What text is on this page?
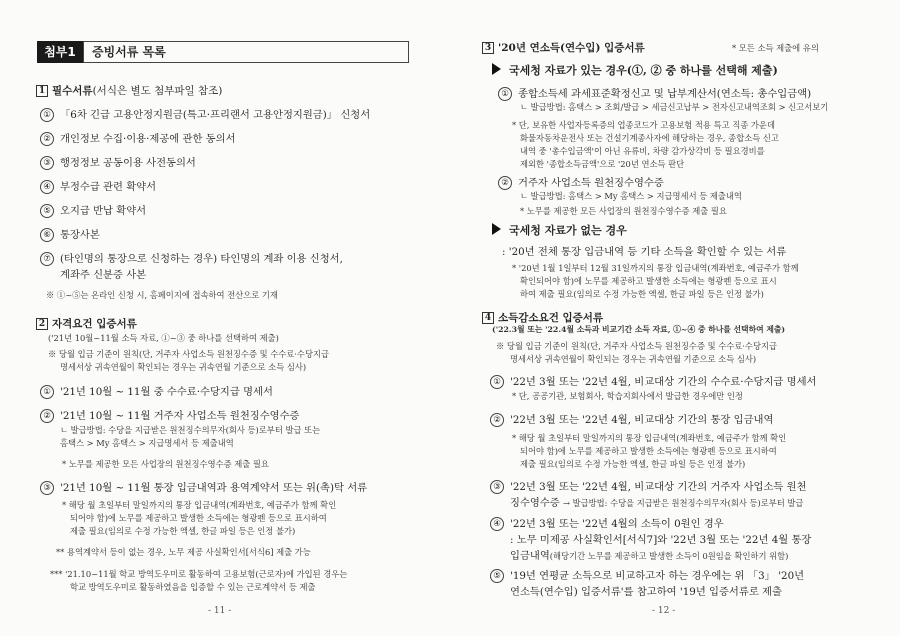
첨부1	증빙서류 목록
1 필수서류(서식은 별도 첨부파일 참조)
① 「6차 긴급 고용안정지원금(특고·프리랜서 고용안정지원금)」 신청서
② 개인정보 수집·이용·제공에 관한 동의서
③ 행정정보 공동이용 사전동의서
④ 부정수급 관련 확약서
⑤ 오지급 반납 확약서
⑥ 통장사본
⑦ (타인명의 통장으로 신청하는 경우) 타인명의 계좌 이용 신청서,
계좌주 신분증 사본
※ ①~⑤는 온라인 신청 시, 홈페이지에 접속하여 전산으로 기재
2 자격요건 입증서류
('21년 10월~11월 소득 자료, ①~③ 중 하나를 선택하여 제출)
※ 당월 입금 기준이 원칙(단, 거주자 사업소득 원천징수증 및 수수료·수당지급
명세서상 귀속연월이 확인되는 경우는 귀속연월 기준으로 소득 심사)
① '21년 10월 ~ 11월 중 수수료·수당지급 명세서
② '21년 10월 ~ 11월 거주자 사업소득 원천징수영수증
ㄴ 발급방법: 수당을 지급받은 원천징수의무자(회사 등)로부터 발급 또는
홈택스 > My 홈택스 > 지급명세서 등 제출내역
* 노무를 제공한 모든 사업장의 원천징수영수증 제출 필요
③ '21년 10월 ~ 11월 통장 입금내역과 용역계약서 또는 위(촉)탁 서류
* 해당 월 초일부터 말일까지의 통장 입금내역(계좌번호, 예금주가 함께 확인
되어야 함)에 노무를 제공하고 발생한 소득에는 형광펜 등으로 표시하여
제출 필요(임의로 수정 가능한 엑셀, 한글 파일 등은 인정 불가)
** 용역계약서 등이 없는 경우, 노무 제공 사실확인서[서식6] 제출 가능
*** '21.10~11월 학교 방역도우미로 활동하여 고용보험(근로자)에 가입된 경우는
학교 방역도우미로 활동하였음을 입증할 수 있는 근로계약서 등 제출
- 11 -
3 '20년 연소득(연수입) 입증서류	* 모든 소득 제출에 유의
국세청 자료가 있는 경우(①, ② 중 하나를 선택해 제출)
① 종합소득세 과세표준확정신고 및 납부계산서(연소득: 총수입금액)
ㄴ 발급방법: 홈택스 > 조회/발급 > 세금신고납부 > 전자신고내역조회 > 신고서보기
* 단, 보유한 사업자등록증의 업종코드가 고용보험 적용 특고 직종 가운데
화물자동차운전사 또는 건설기계종사자에 해당하는 경우, 종합소득 신고
내역 중 '총수입금액'이 아닌 유류비, 차량 감가상각비 등 필요경비를
제외한 '종합소득금액'으로 '20년 연소득 판단
② 거주자 사업소득 원천징수영수증
ㄴ 발급방법: 홈택스 > My 홈택스 > 지급명세서 등 제출내역
* 노무를 제공한 모든 사업장의 원천징수영수증 제출 필요
국세청 자료가 없는 경우
: '20년 전체 통장 입금내역 등 기타 소득을 확인할 수 있는 서류
* '20년 1월 1일부터 12월 31일까지의 통장 입금내역(계좌번호, 예금주가 함께
확인되어야 함)에 노무를 제공하고 발생한 소득에는 형광펜 등으로 표시
하여 제출 필요(임의로 수정 가능한 엑셀, 한글 파일 등은 인정 불가)
4 소득감소요건 입증서류
('22.3월 또는 '22.4월 소득과 비교기간 소득 자료, ①~④ 중 하나를 선택하여 제출)
※ 당월 입금 기준이 원칙(단, 거주자 사업소득 원천징수증 및 수수료·수당지급
명세서상 귀속연월이 확인되는 경우는 귀속연월 기준으로 소득 심사)
① '22년 3월 또는 '22년 4월, 비교대상 기간의 수수료·수당지급 명세서
* 단, 공공기관, 보험회사, 학습지회사에서 발급한 경우에만 인정
② '22년 3월 또는 '22년 4월, 비교대상 기간의 통장 입금내역
* 해당 월 초일부터 말일까지의 통장 입금내역(계좌번호, 예금주가 함께 확인
되어야 함)에 노무를 제공하고 발생한 소득에는 형광펜 등으로 표시하여
제출 필요(임의로 수정 가능한 엑셀, 한글 파일 등은 인정 불가)
③ '22년 3월 또는 '22년 4월, 비교대상 기간의 거주자 사업소득 원천
징수영수증 → 발급방법: 수당을 지급받은 원천징수의무자(회사 등)로부터 발급
④ '22년 3월 또는 '22년 4월의 소득이 0원인 경우
: 노무 미제공 사실확인서[서식7]와 '22년 3월 또는 '22년 4월 통장
입금내역(해당기간 노무를 제공하고 발생한 소득이 0원임을 확인하기 위함)
⑤ '19년 연평균 소득으로 비교하고자 하는 경우에는 위 「3」 '20년
연소득(연수입) 입증서류'를 참고하여 '19년 입증서류로 제출
- 12 -
